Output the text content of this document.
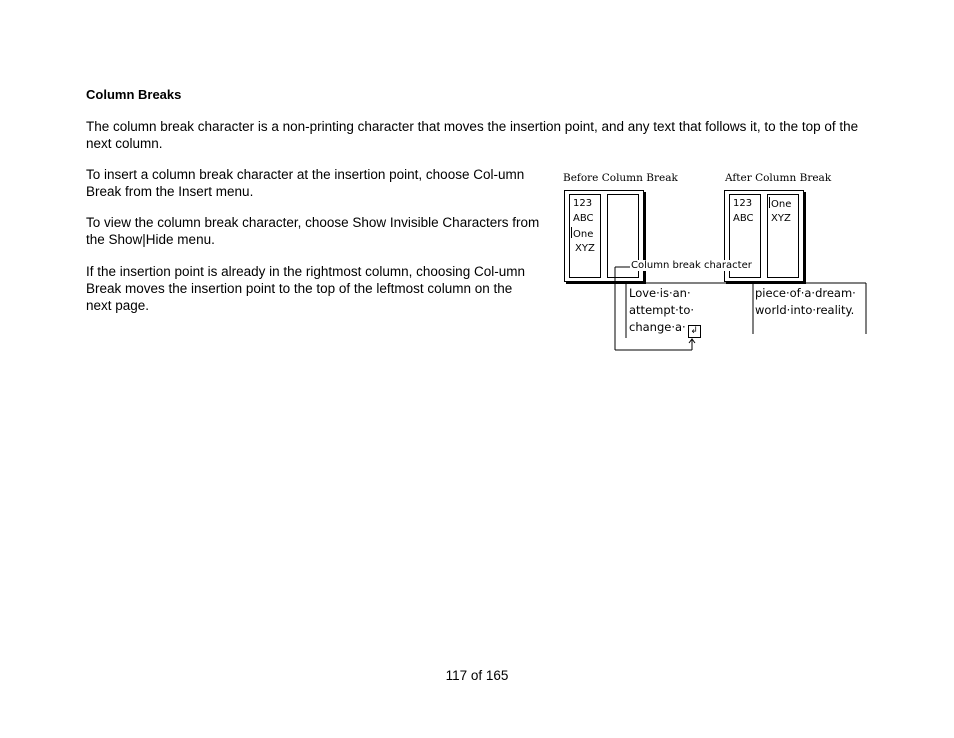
Column Breaks

The column break character is a non-printing character that moves the insertion point, and any text that follows it, to the top of the next column.

To insert a column break character at the insertion point, choose Col-umn Break from the Insert menu.

To view the column break character, choose Show Invisible Characters from the Show|Hide menu.

If the insertion point is already in the rightmost column, choosing Col-umn Break moves the insertion point to the top of the leftmost column on the next page.

Before Column Break	After Column Break
123
ABC
One
XYZ
123
ABC
One
XYZ
Column break character
Love·is·an·
attempt·to·
change·a· ↲
piece·of·a·dream·
world·into·reality.
117 of 165
